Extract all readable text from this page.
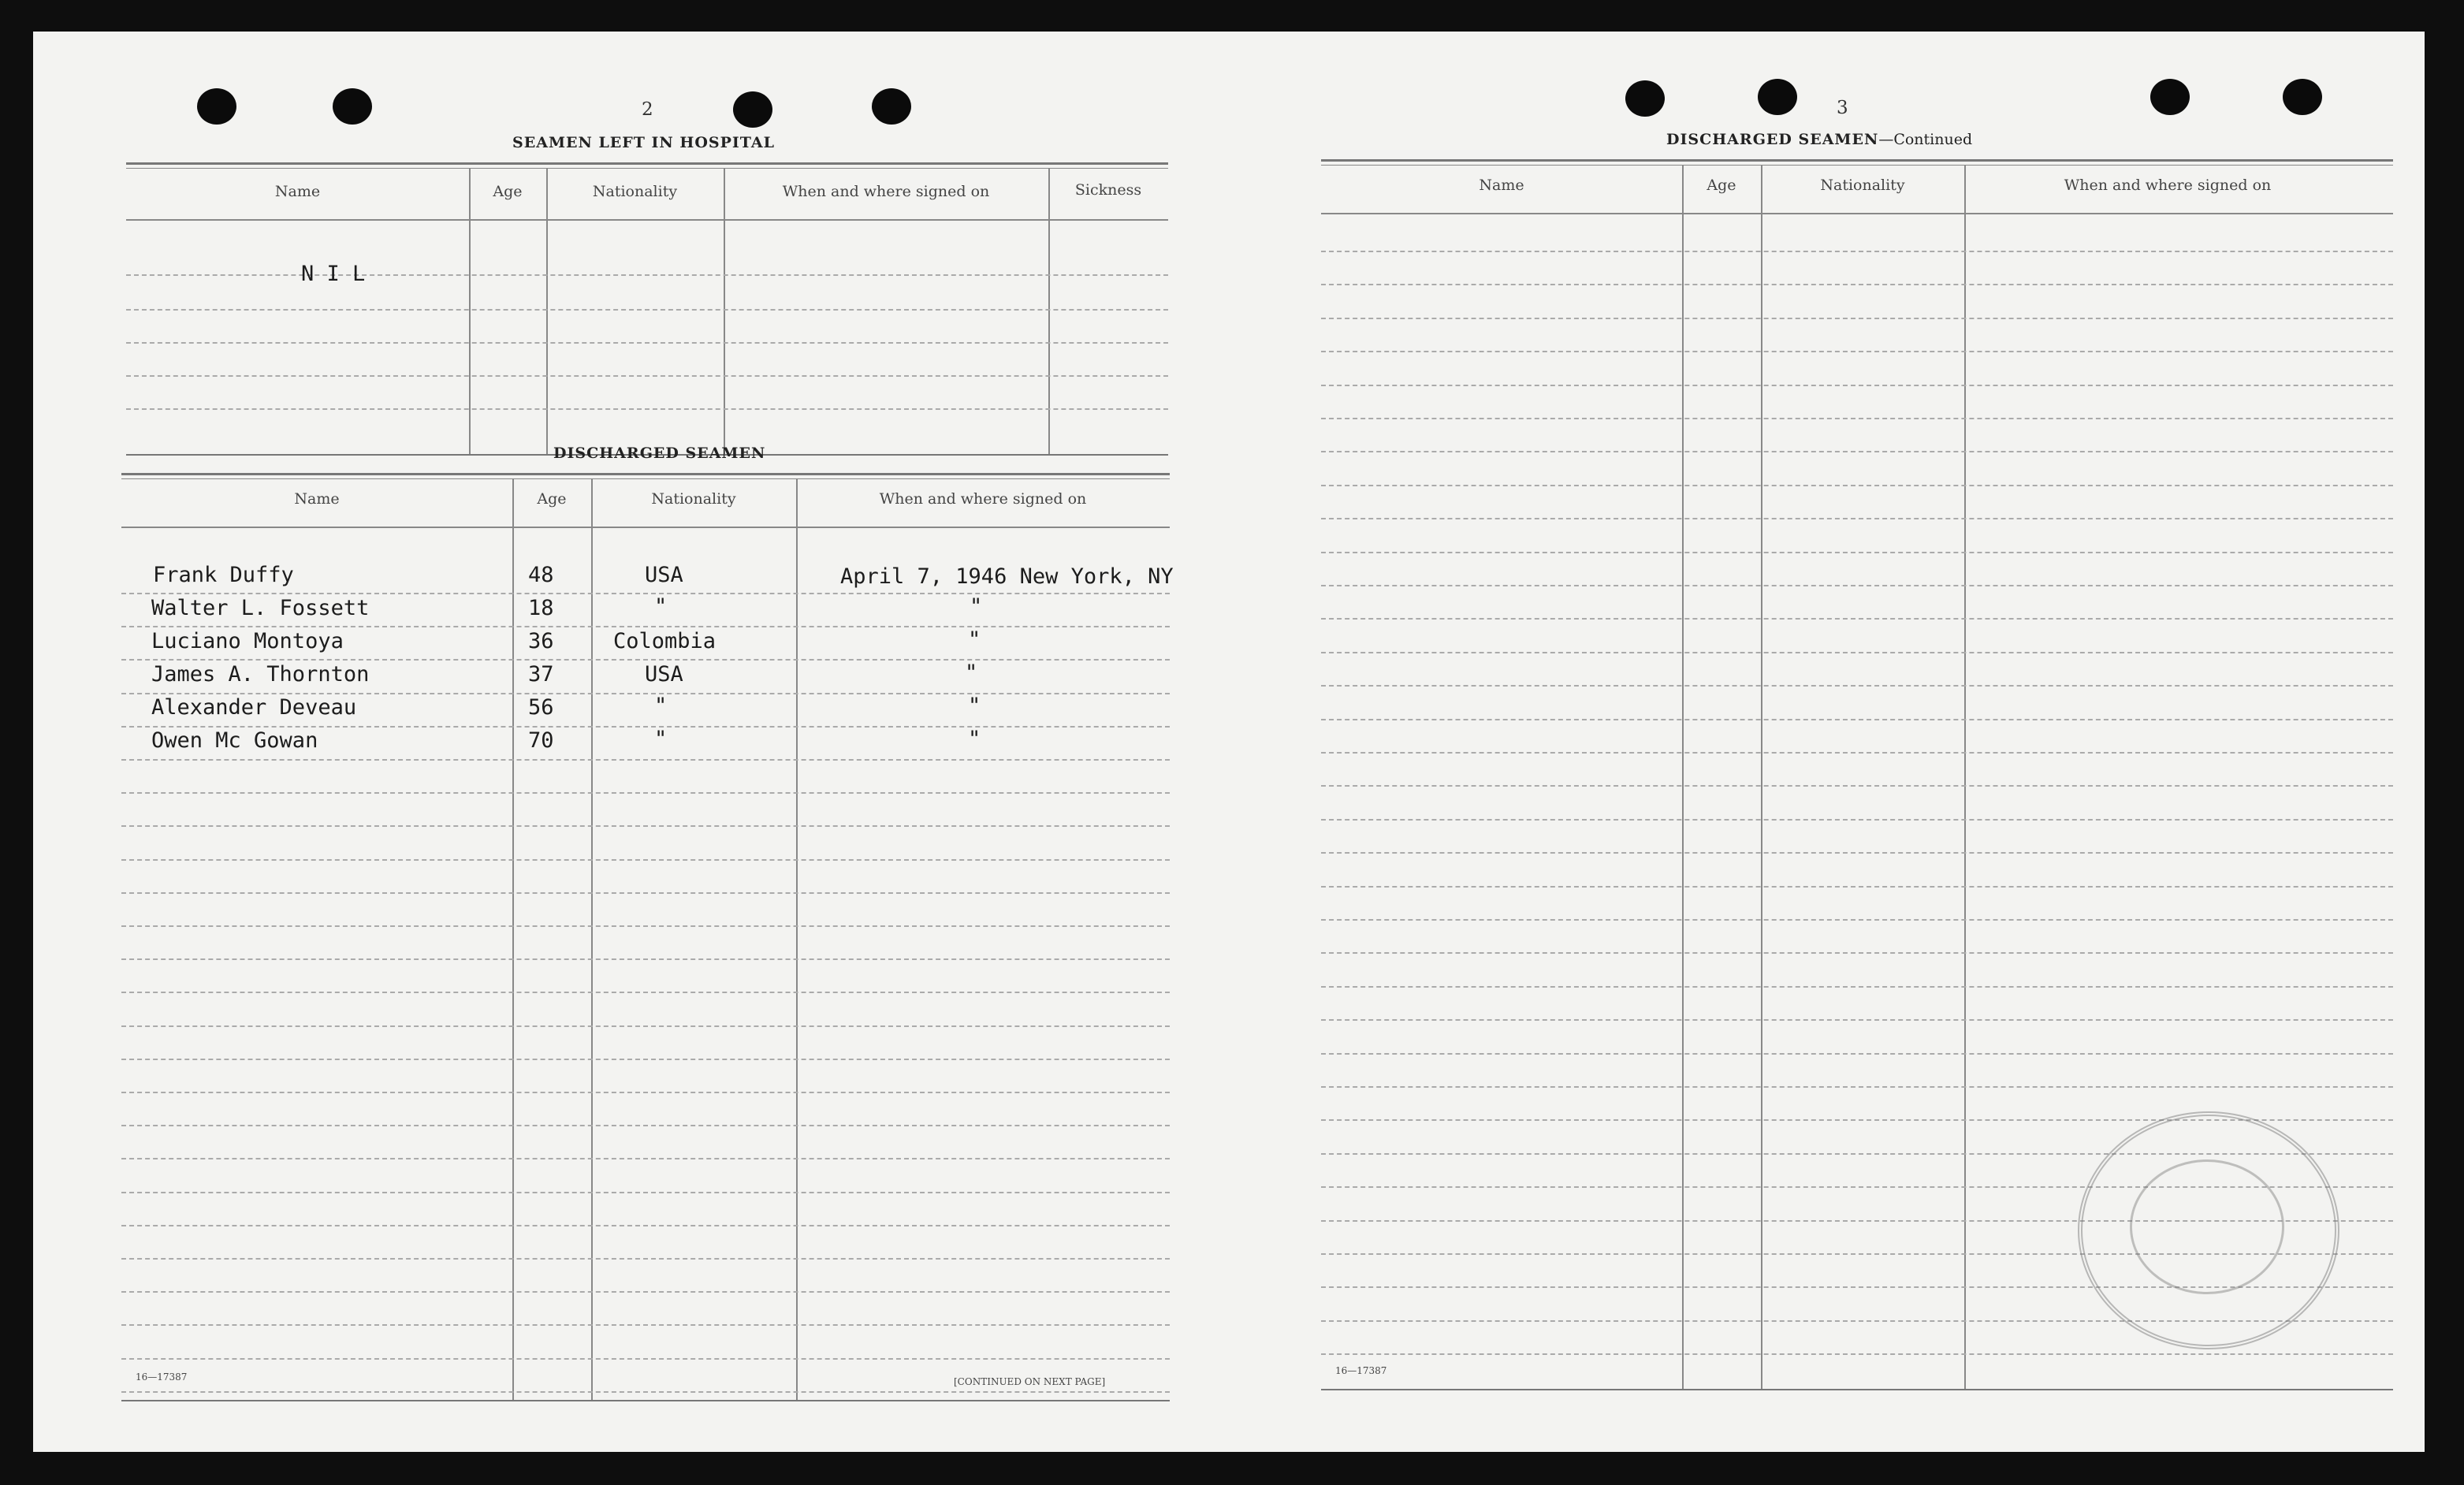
2
SEAMEN LEFT IN HOSPITAL
Name	Age	Nationality	When and where signed on	Sickness
N I L
DISCHARGED SEAMEN
Name	Age	Nationality	When and where signed on
Frank Duffy	48	USA	April 7, 1946 New York, NY
Walter L. Fossett	18	"	"
Luciano Montoya	36	Colombia	"
James A. Thornton	37	USA	"
Alexander Deveau	56	"	"
Owen Mc Gowan	70	"	"
16—17387	[CONTINUED ON NEXT PAGE]
3
DISCHARGED SEAMEN—Continued
Name	Age	Nationality	When and where signed on
16—17387
